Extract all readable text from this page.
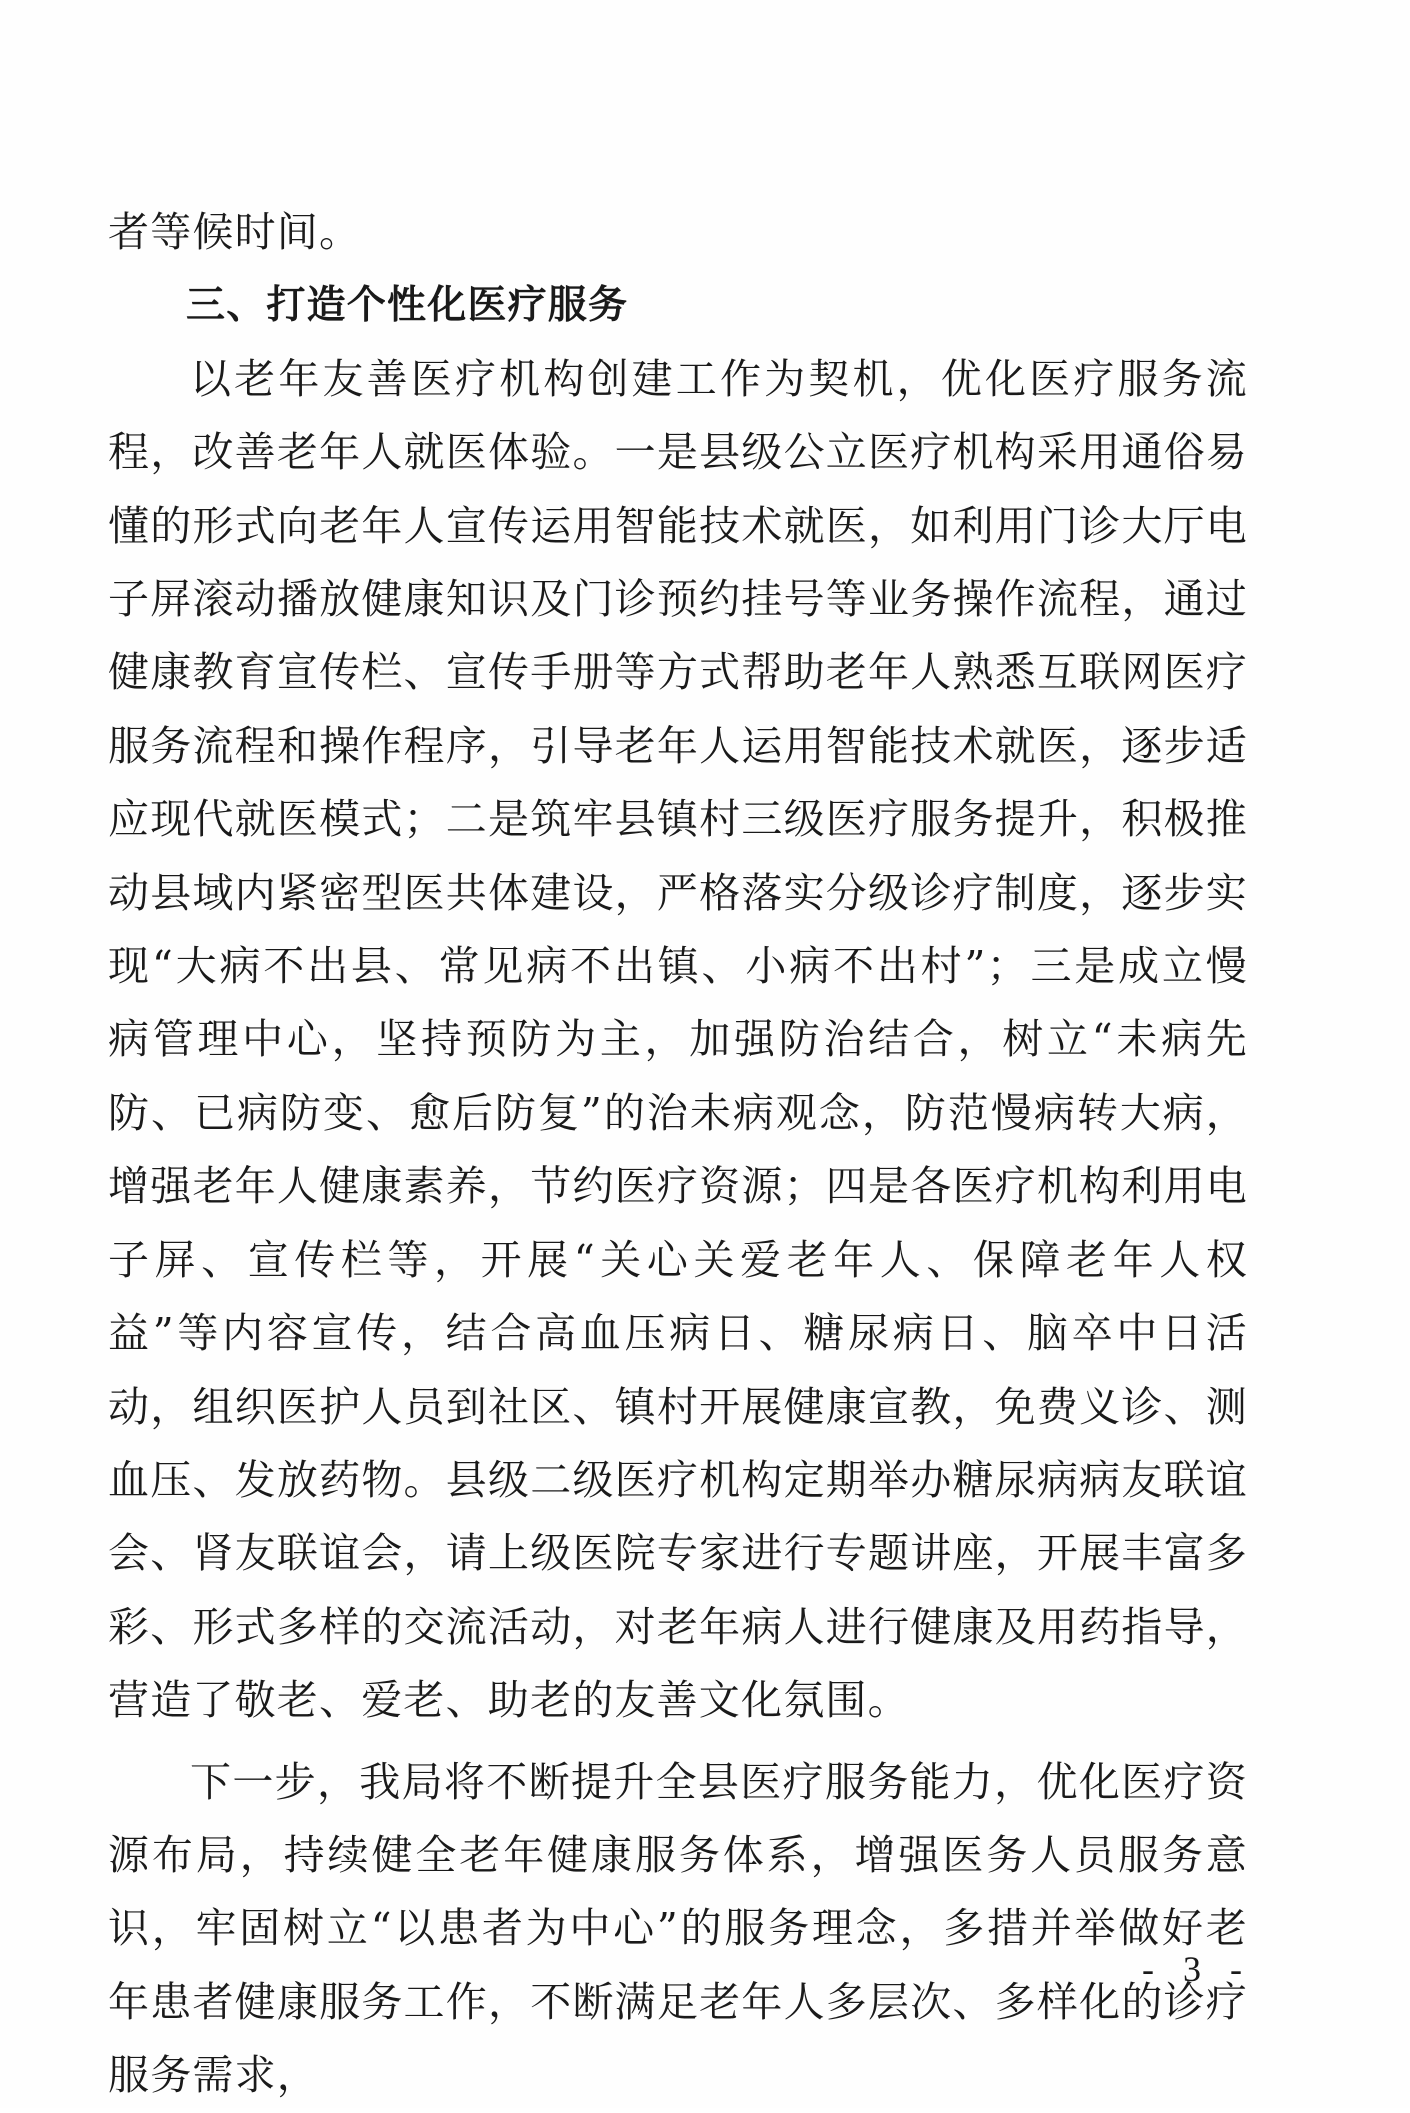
者等候时间。

三、打造个性化医疗服务

以老年友善医疗机构创建工作为契机，优化医疗服务流程，改善老年人就医体验。一是县级公立医疗机构采用通俗易懂的形式向老年人宣传运用智能技术就医，如利用门诊大厅电子屏滚动播放健康知识及门诊预约挂号等业务操作流程，通过健康教育宣传栏、宣传手册等方式帮助老年人熟悉互联网医疗服务流程和操作程序，引导老年人运用智能技术就医，逐步适应现代就医模式；二是筑牢县镇村三级医疗服务提升，积极推动县域内紧密型医共体建设，严格落实分级诊疗制度，逐步实现“大病不出县、常见病不出镇、小病不出村”；三是成立慢病管理中心，坚持预防为主，加强防治结合，树立“未病先防、已病防变、愈后防复”的治未病观念，防范慢病转大病，增强老年人健康素养，节约医疗资源；四是各医疗机构利用电子屏、宣传栏等，开展“关心关爱老年人、保障老年人权益”等内容宣传，结合高血压病日、糖尿病日、脑卒中日活动，组织医护人员到社区、镇村开展健康宣教，免费义诊、测血压、发放药物。县级二级医疗机构定期举办糖尿病病友联谊会、肾友联谊会，请上级医院专家进行专题讲座，开展丰富多彩、形式多样的交流活动，对老年病人进行健康及用药指导，营造了敬老、爱老、助老的友善文化氛围。

下一步，我局将不断提升全县医疗服务能力，优化医疗资源布局，持续健全老年健康服务体系，增强医务人员服务意识，牢固树立“以患者为中心”的服务理念，多措并举做好老年患者健康服务工作，不断满足老年人多层次、多样化的诊疗服务需求，

- 3 -
